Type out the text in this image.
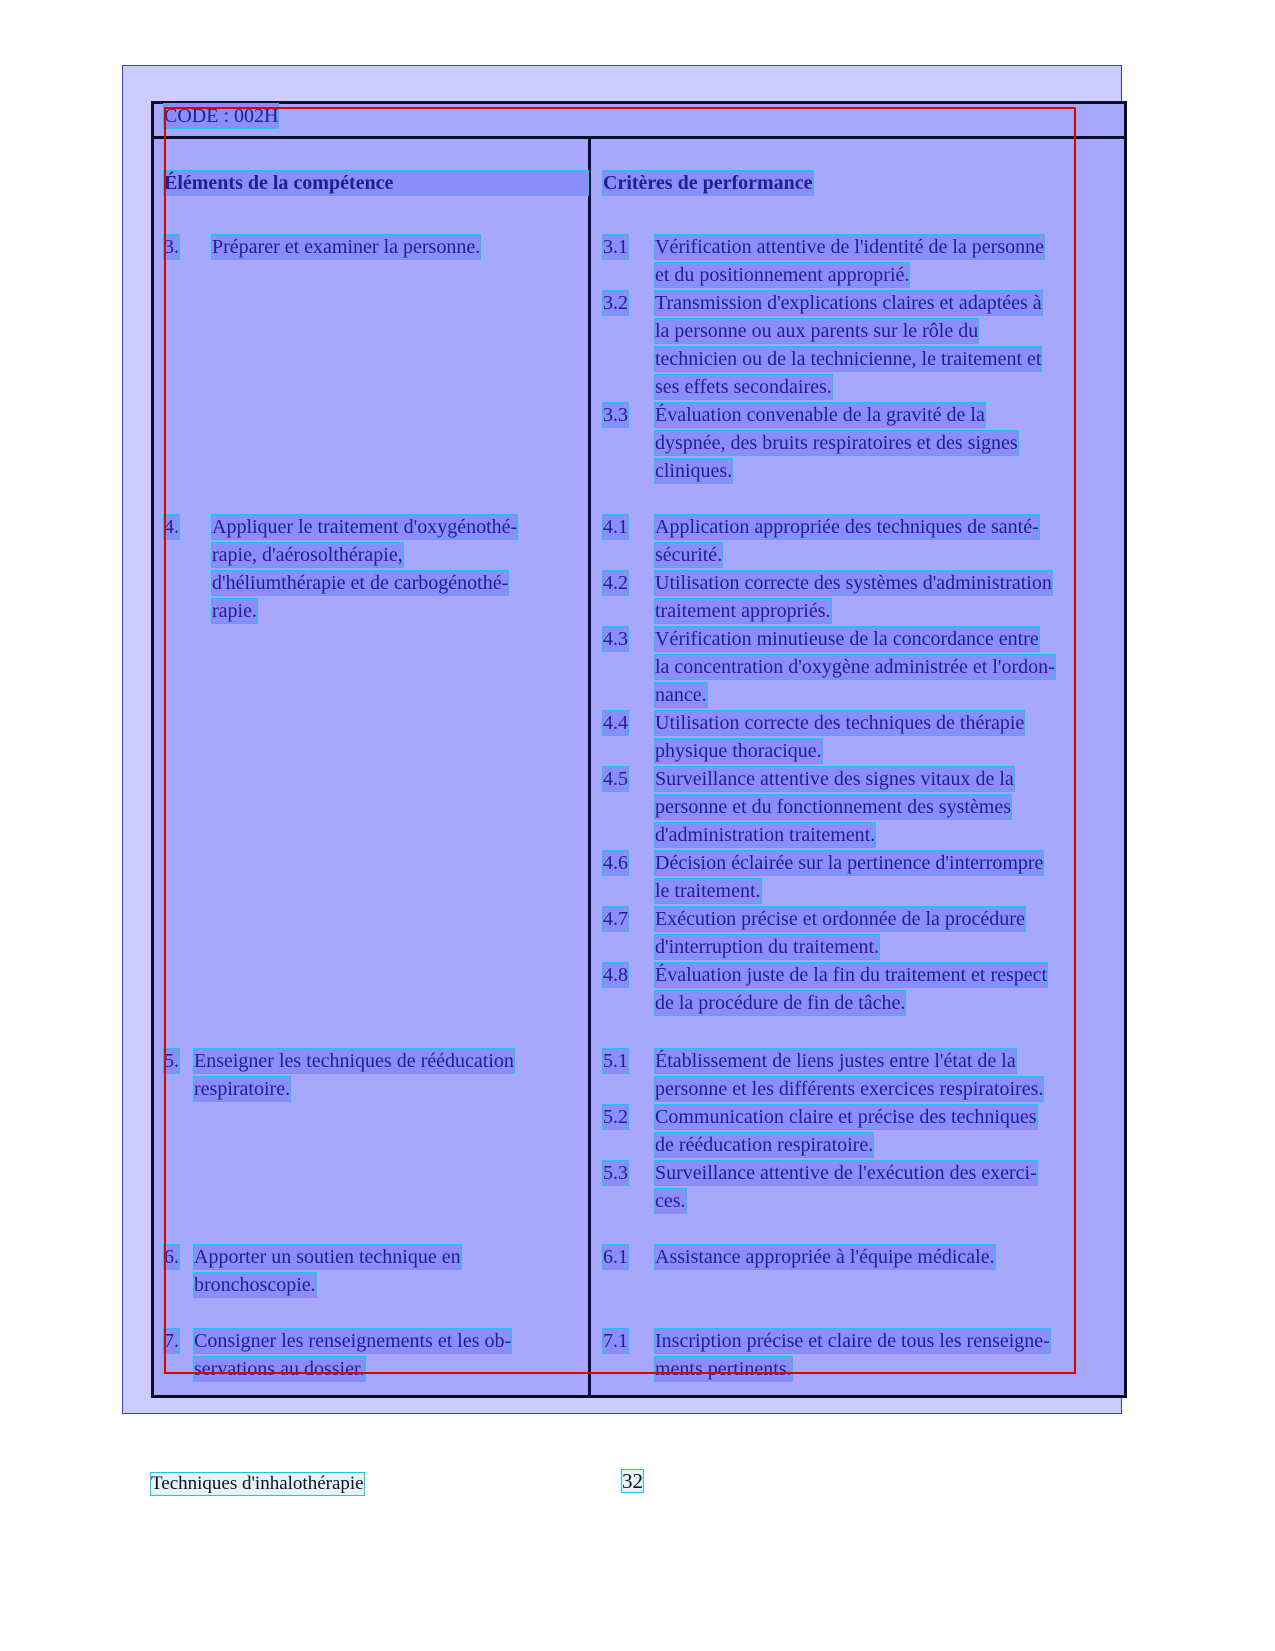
CODE : 002H
Éléments de la compétence	Critères de performance
3. Préparer et examiner la personne.
4. Appliquer le traitement d'oxygénothé-
rapie, d'aérosolthérapie,
d'héliumthérapie et de carbogénothé-
rapie.
5. Enseigner les techniques de rééducation
respiratoire.
6. Apporter un soutien technique en
bronchoscopie.
7. Consigner les renseignements et les ob-
servations au dossier.
3.1 Vérification attentive de l'identité de la personne
et du positionnement approprié.
3.2 Transmission d'explications claires et adaptées à
la personne ou aux parents sur le rôle du
technicien ou de la technicienne, le traitement et
ses effets secondaires.
3.3 Évaluation convenable de la gravité de la
dyspnée, des bruits respiratoires et des signes
cliniques.
4.1 Application appropriée des techniques de santé-
sécurité.
4.2 Utilisation correcte des systèmes d'administration
traitement appropriés.
4.3 Vérification minutieuse de la concordance entre
la concentration d'oxygène administrée et l'ordon-
nance.
4.4 Utilisation correcte des techniques de thérapie
physique thoracique.
4.5 Surveillance attentive des signes vitaux de la
personne et du fonctionnement des systèmes
d'administration traitement.
4.6 Décision éclairée sur la pertinence d'interrompre
le traitement.
4.7 Exécution précise et ordonnée de la procédure
d'interruption du traitement.
4.8 Évaluation juste de la fin du traitement et respect
de la procédure de fin de tâche.
5.1 Établissement de liens justes entre l'état de la
personne et les différents exercices respiratoires.
5.2 Communication claire et précise des techniques
de rééducation respiratoire.
5.3 Surveillance attentive de l'exécution des exerci-
ces.
6.1 Assistance appropriée à l'équipe médicale.
7.1 Inscription précise et claire de tous les renseigne-
ments pertinents.
Techniques d'inhalothérapie	32
